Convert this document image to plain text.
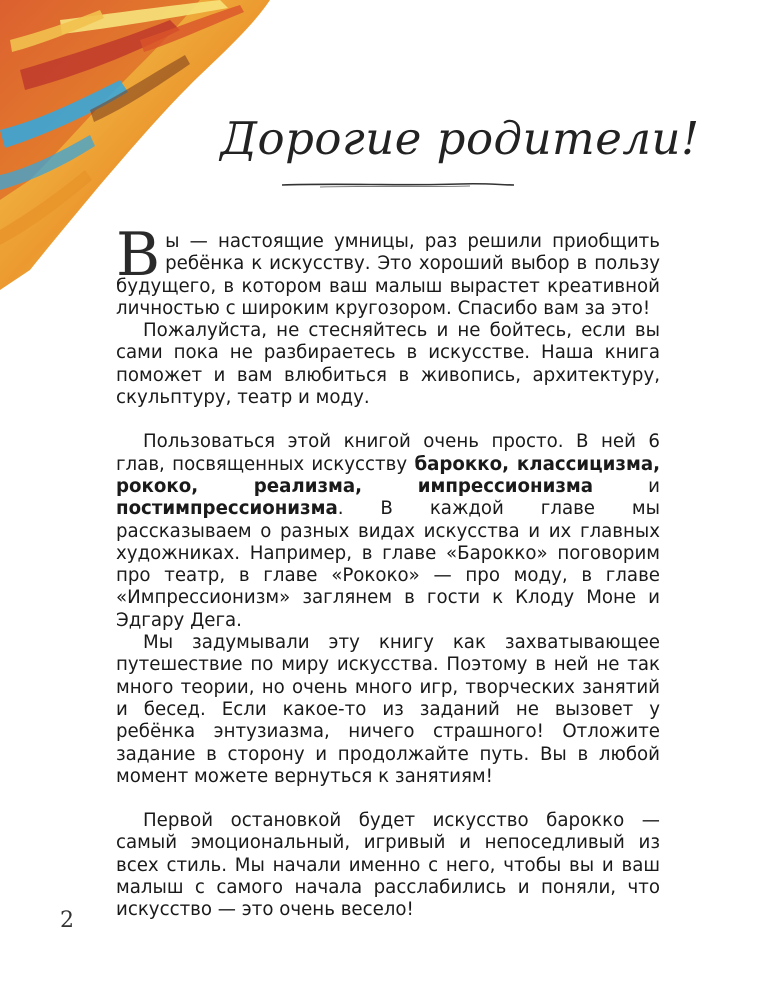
Дорогие родители!

Вы — настоящие умницы, раз решили приобщить ребёнка к искусству. Это хороший выбор в пользу будущего, в котором ваш малыш вырастет креативной личностью с широким кругозором. Спасибо вам за это!

Пожалуйста, не стесняйтесь и не бойтесь, если вы сами пока не разбираетесь в искусстве. Наша книга поможет и вам влюбиться в живопись, архитектуру, скульптуру, театр и моду.

Пользоваться этой книгой очень просто. В ней 6 глав, посвященных искусству барокко, классицизма, рококо, реализма, импрессионизма и постимпрессионизма. В каждой главе мы рассказываем о разных видах искусства и их главных художниках. Например, в главе «Барокко» поговорим про театр, в главе «Рококо» — про моду, в главе «Импрессионизм» заглянем в гости к Клоду Моне и Эдгару Дега.

Мы задумывали эту книгу как захватывающее путешествие по миру искусства. Поэтому в ней не так много теории, но очень много игр, творческих занятий и бесед. Если какое-то из заданий не вызовет у ребёнка энтузиазма, ничего страшного! Отложите задание в сторону и продолжайте путь. Вы в любой момент можете вернуться к занятиям!

Первой остановкой будет искусство барокко — самый эмоциональный, игривый и непоседливый из всех стиль. Мы начали именно с него, чтобы вы и ваш малыш с самого начала расслабились и поняли, что искусство — это очень весело!

2
